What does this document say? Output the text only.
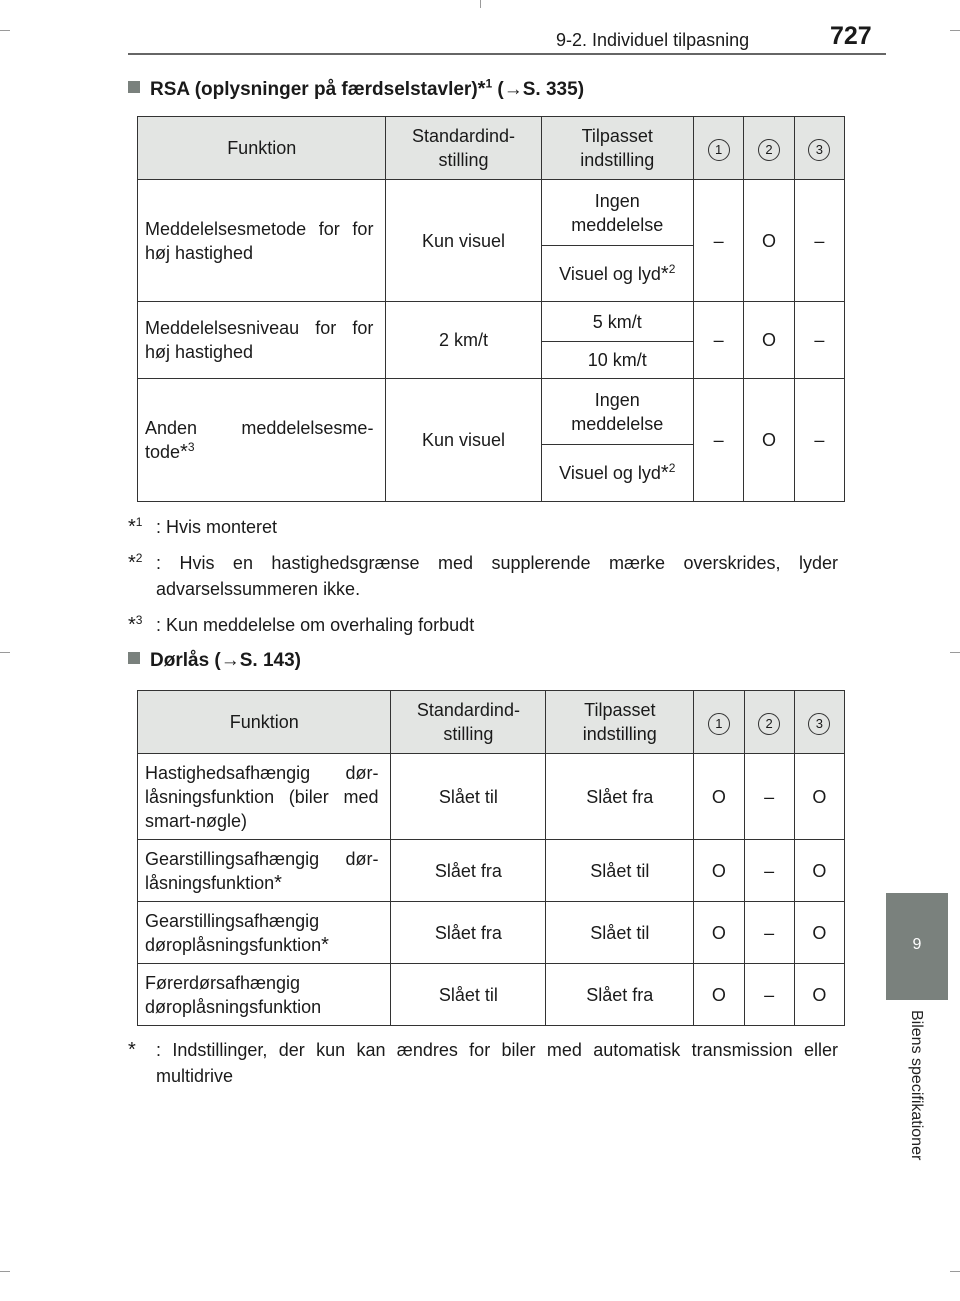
9-2. Individuel tilpasning	727
9
Bilens specifikationer
RSA (oplysninger på færdselstavler)*$^1$ (→S. 335)
Funktion	Standardind-stilling	Tilpasset indstilling	1	2	3
Meddelelsesmetode for for høj hastighed	Kun visuel	Ingen meddelelse	–	O	–
		Visuel og lyd*$^2$
Meddelelsesniveau for for høj hastighed	2 km/t	5 km/t	–	O	–
		10 km/t			
Anden meddelelsesme-tode*$^3$	Kun visuel	Ingen meddelelse	–	O	–
		Visuel og lyd*$^2$
*$^1$ : Hvis monteret
*$^2$ : Hvis en hastighedsgrænse med supplerende mærke overskrides, lyder advarselssummeren ikke.
*$^3$ : Kun meddelelse om overhaling forbudt
Dørlås (→S. 143)
Funktion	Standardind-stilling	Tilpasset indstilling	1	2	3
Hastighedsafhængig dør-låsningsfunktion (biler med smart-nøgle)	Slået til	Slået fra	O	–	O
Gearstillingsafhængig dør-låsningsfunktion*	Slået fra	Slået til	O	–	O
Gearstillingsafhængig døroplåsningsfunktion*	Slået fra	Slået til	O	–	O
Førerdørsafhængig døroplåsningsfunktion	Slået til	Slået fra	O	–	O
*	: Indstillinger, der kun kan ændres for biler med automatisk transmission eller multidrive
